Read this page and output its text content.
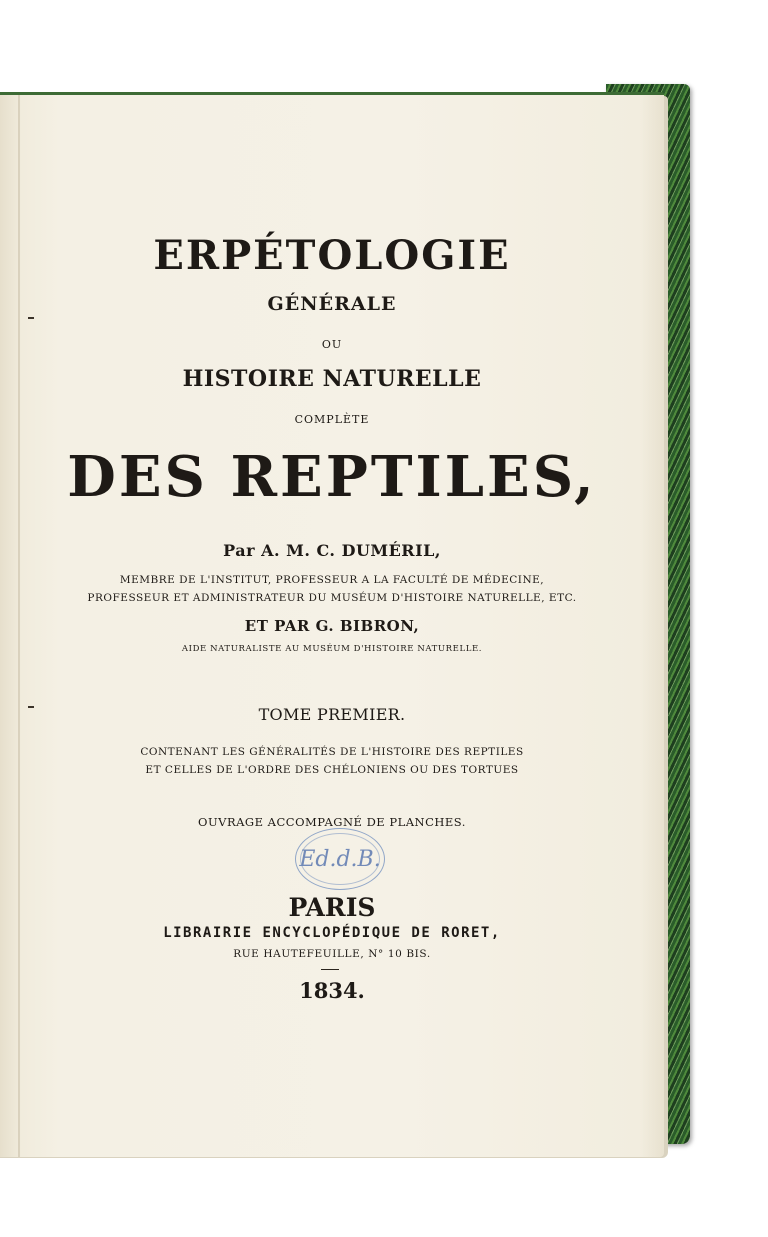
ERPÉTOLOGIE
GÉNÉRALE
OU
HISTOIRE NATURELLE
COMPLÈTE
DES REPTILES,
Par A. M. C. DUMÉRIL,
MEMBRE DE L'INSTITUT, PROFESSEUR A LA FACULTÉ DE MÉDECINE,
PROFESSEUR ET ADMINISTRATEUR DU MUSÉUM D'HISTOIRE NATURELLE, ETC.
ET PAR G. BIBRON,
AIDE NATURALISTE AU MUSÉUM D'HISTOIRE NATURELLE.
TOME PREMIER.
CONTENANT LES GÉNÉRALITÉS DE L'HISTOIRE DES REPTILES
ET CELLES DE L'ORDRE DES CHÉLONIENS OU DES TORTUES
OUVRAGE ACCOMPAGNÉ DE PLANCHES.
Ed.d.B.
PARIS
LIBRAIRIE ENCYCLOPÉDIQUE DE RORET,
RUE HAUTEFEUILLE, N° 10 BIS.
1834.
